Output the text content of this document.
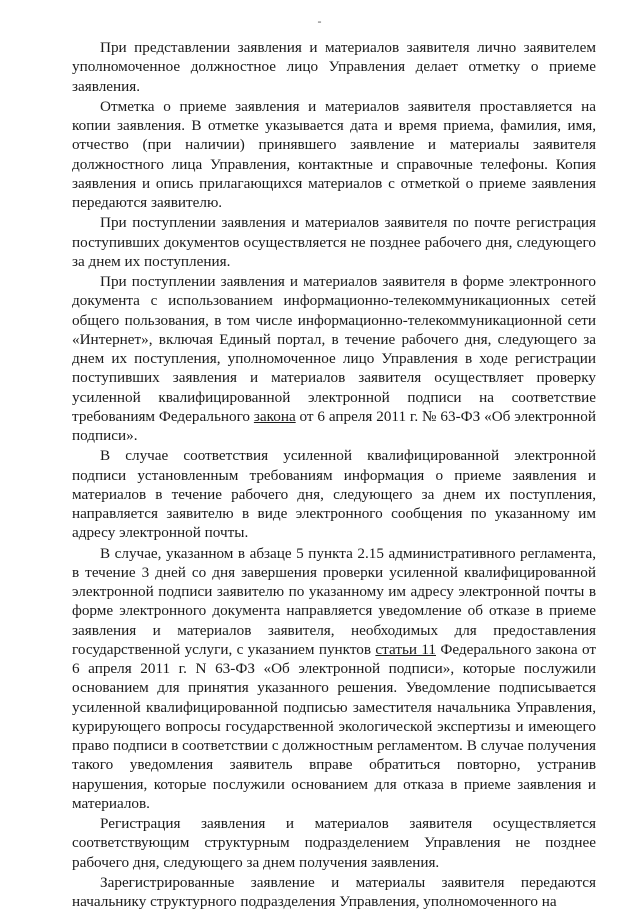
-

При представлении заявления и материалов заявителя лично заявителем уполномоченное должностное лицо Управления делает отметку о приеме заявления.

Отметка о приеме заявления и материалов заявителя проставляется на копии заявления. В отметке указывается дата и время приема, фамилия, имя, отчество (при наличии) принявшего заявление и материалы заявителя должностного лица Управления, контактные и справочные телефоны. Копия заявления и опись прилагающихся материалов с отметкой о приеме заявления передаются заявителю.

При поступлении заявления и материалов заявителя по почте регистрация поступивших документов осуществляется не позднее рабочего дня, следующего за днем их поступления.

При поступлении заявления и материалов заявителя в форме электронного документа с использованием информационно-телекоммуникационных сетей общего пользования, в том числе информационно-телекоммуникационной сети «Интернет», включая Единый портал, в течение рабочего дня, следующего за днем их поступления, уполномоченное лицо Управления в ходе регистрации поступивших заявления и материалов заявителя осуществляет проверку усиленной квалифицированной электронной подписи на соответствие требованиям Федерального закона от 6 апреля 2011 г. № 63-ФЗ «Об электронной подписи».

В случае соответствия усиленной квалифицированной электронной подписи установленным требованиям информация о приеме заявления и материалов в течение рабочего дня, следующего за днем их поступления, направляется заявителю в виде электронного сообщения по указанному им адресу электронной почты.

В случае, указанном в абзаце 5 пункта 2.15 административного регламента, в течение 3 дней со дня завершения проверки усиленной квалифицированной электронной подписи заявителю по указанному им адресу электронной почты в форме электронного документа направляется уведомление об отказе в приеме заявления и материалов заявителя, необходимых для предоставления государственной услуги, с указанием пунктов статьи 11 Федерального закона от 6 апреля 2011 г. N 63-ФЗ «Об электронной подписи», которые послужили основанием для принятия указанного решения. Уведомление подписывается усиленной квалифицированной подписью заместителя начальника Управления, курирующего вопросы государственной экологической экспертизы и имеющего право подписи в соответствии с должностным регламентом. В случае получения такого уведомления заявитель вправе обратиться повторно, устранив нарушения, которые послужили основанием для отказа в приеме заявления и материалов.

Регистрация заявления и материалов заявителя осуществляется соответствующим структурным подразделением Управления не позднее рабочего дня, следующего за днем получения заявления.

Зарегистрированные заявление и материалы заявителя передаются начальнику структурного подразделения Управления, уполномоченного на
